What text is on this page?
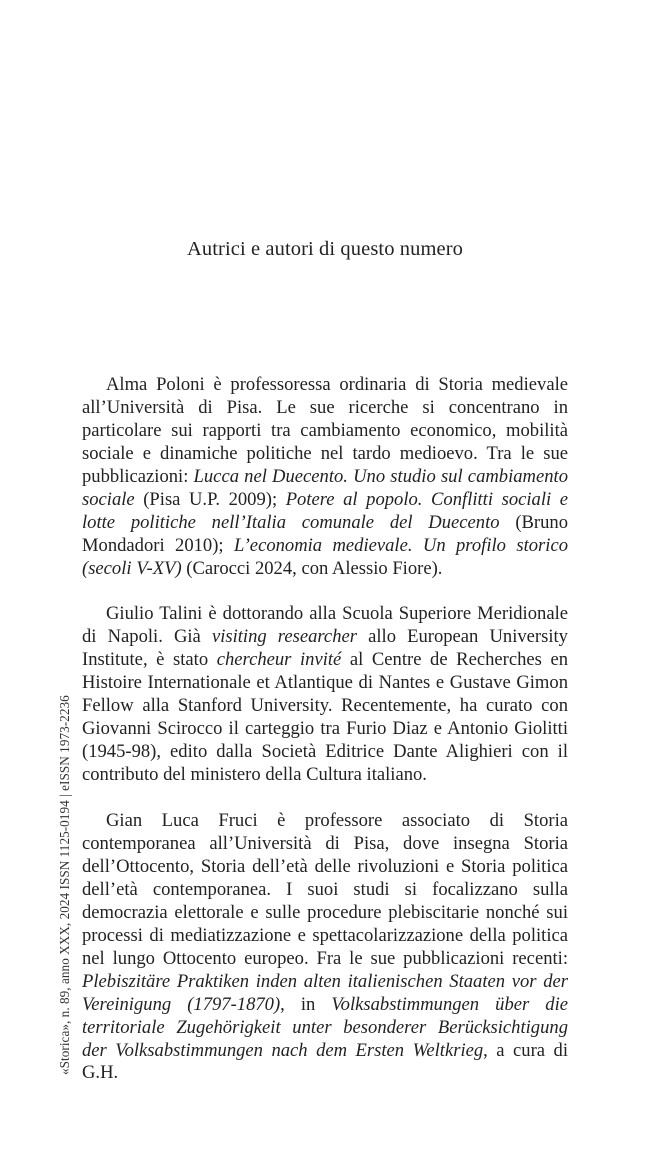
Autrici e autori di questo numero

Alma Poloni è professoressa ordinaria di Storia medievale all’Università di Pisa. Le sue ricerche si concentrano in particolare sui rapporti tra cambiamento economico, mobilità sociale e dinamiche politiche nel tardo medioevo. Tra le sue pubblicazioni: Lucca nel Duecento. Uno studio sul cambiamento sociale (Pisa U.P. 2009); Potere al popolo. Conflitti sociali e lotte politiche nell’Italia comunale del Duecento (Bruno Mondadori 2010); L’economia medievale. Un profilo storico (secoli V-XV) (Carocci 2024, con Alessio Fiore).

Giulio Talini è dottorando alla Scuola Superiore Meridionale di Napoli. Già visiting researcher allo European University Institute, è stato chercheur invité al Centre de Recherches en Histoire Internationale et Atlantique di Nantes e Gustave Gimon Fellow alla Stanford University. Recentemente, ha curato con Giovanni Scirocco il carteggio tra Furio Diaz e Antonio Giolitti (1945-98), edito dalla Società Editrice Dante Alighieri con il contributo del ministero della Cultura italiano.

Gian Luca Fruci è professore associato di Storia contemporanea all’Università di Pisa, dove insegna Storia dell’Ottocento, Storia dell’età delle rivoluzioni e Storia politica dell’età contemporanea. I suoi studi si focalizzano sulla democrazia elettorale e sulle procedure plebiscitarie nonché sui processi di mediatizzazione e spettacolarizzazione della politica nel lungo Ottocento europeo. Fra le sue pubblicazioni recenti: Plebiszitäre Praktiken inden alten italienischen Staaten vor der Vereinigung (1797-1870), in Volksabstimmungen über die territoriale Zugehörigkeit unter besonderer Berücksichtigung der Volksabstimmungen nach dem Ersten Weltkrieg, a cura di G.H.

«Storica», n. 89, anno XXX, 2024 ISSN 1125-0194 | eISSN 1973-2236
